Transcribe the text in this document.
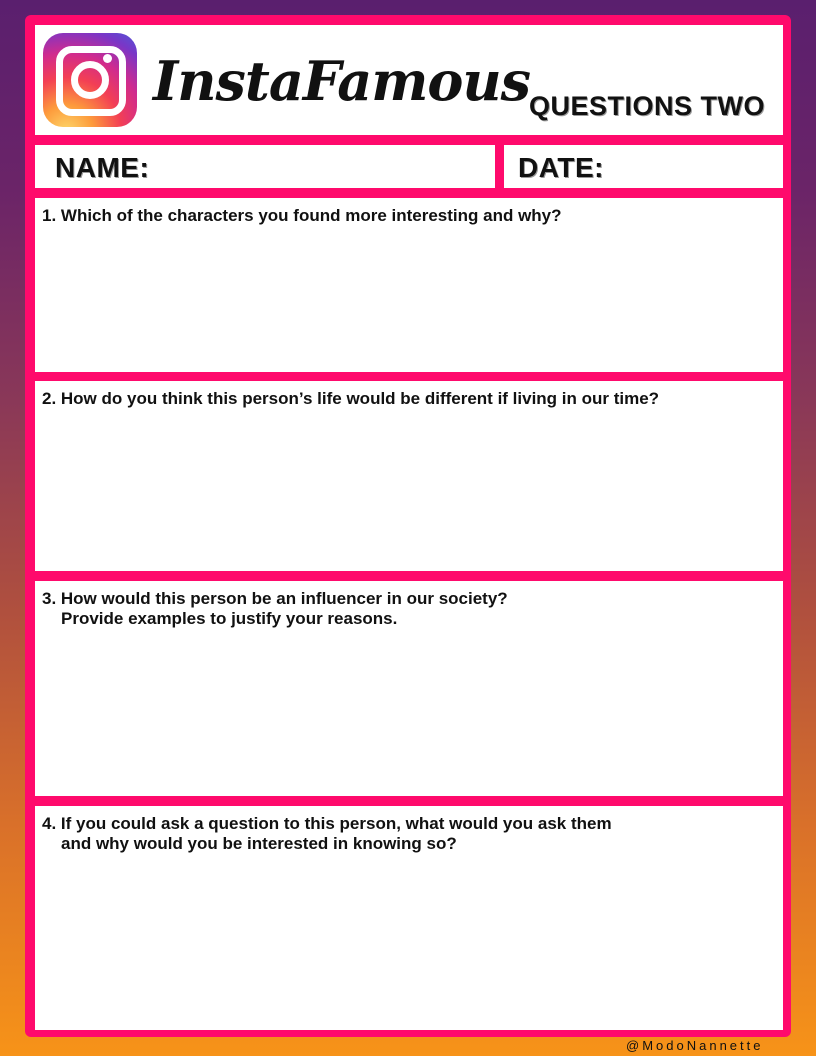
InstaFamous
QUESTIONS TWO
NAME:	DATE:
1. Which of the characters you found more interesting and why?
2. How do you think this person’s life would be different if living in our time?
3. How would this person be an influencer in our society?
Provide examples to justify your reasons.
4. If you could ask a question to this person, what would you ask them
and why would you be interested in knowing so?
@ModoNannette
